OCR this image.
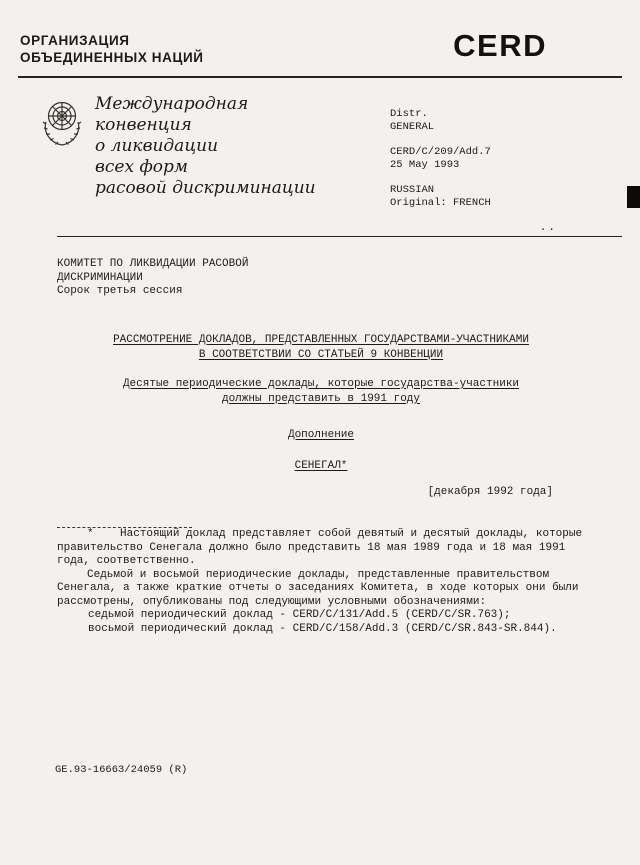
ОРГАНИЗАЦИЯ
ОБЪЕДИНЕННЫХ НАЦИЙ	CERD
Международная
конвенция
о ликвидации
всех форм
расовой дискриминации
Distr.
GENERAL
CERD/C/209/Add.7
25 May 1993
RUSSIAN
Original: FRENCH
..

КОМИТЕТ ПО ЛИКВИДАЦИИ РАСОВОЙ

ДИСКРИМИНАЦИИ

Сорок третья сессия

РАССМОТРЕНИЕ ДОКЛАДОВ, ПРЕДСТАВЛЕННЫХ ГОСУДАРСТВАМИ-УЧАСТНИКАМИ
В СООТВЕТСТВИИ СО СТАТЬЕЙ 9 КОНВЕНЦИИ
Десятые периодические доклады, которые государства-участники
должны представить в 1991 году
Дополнение
СЕНЕГАЛ*
[декабря 1992 года]

*    Настоящий доклад представляет собой девятый и десятый доклады, которые правительство Сенегала должно было представить 18 мая 1989 года и 18 мая 1991 года, соответственно.

Седьмой и восьмой периодические доклады, представленные правительством Сенегала, а также краткие отчеты о заседаниях Комитета, в ходе которых они были рассмотрены, опубликованы под следующими условными обозначениями:

седьмой периодический доклад - CERD/C/131/Add.5 (CERD/C/SR.763);

восьмой периодический доклад - CERD/C/158/Add.3 (CERD/C/SR.843-SR.844).

GE.93-16663/24059 (R)
